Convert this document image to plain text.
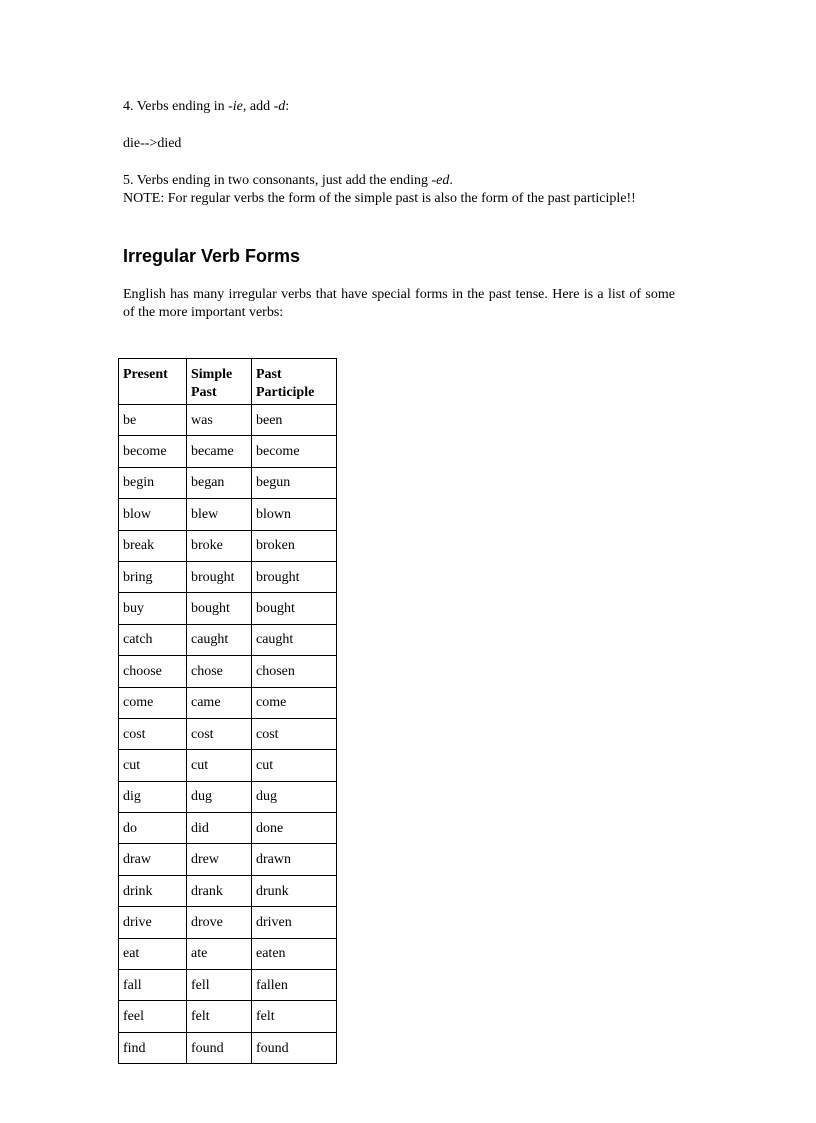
4. Verbs ending in -ie, add -d:
die-->died
5. Verbs ending in two consonants, just add the ending -ed.
NOTE: For regular verbs the form of the simple past is also the form of the past participle!!
Irregular Verb Forms
English has many irregular verbs that have special forms in the past tense. Here is a list of some of the more important verbs:
Present	Simple Past	Past Participle
be	was	been
become	became	become
begin	began	begun
blow	blew	blown
break	broke	broken
bring	brought	brought
buy	bought	bought
catch	caught	caught
choose	chose	chosen
come	came	come
cost	cost	cost
cut	cut	cut
dig	dug	dug
do	did	done
draw	drew	drawn
drink	drank	drunk
drive	drove	driven
eat	ate	eaten
fall	fell	fallen
feel	felt	felt
find	found	found
